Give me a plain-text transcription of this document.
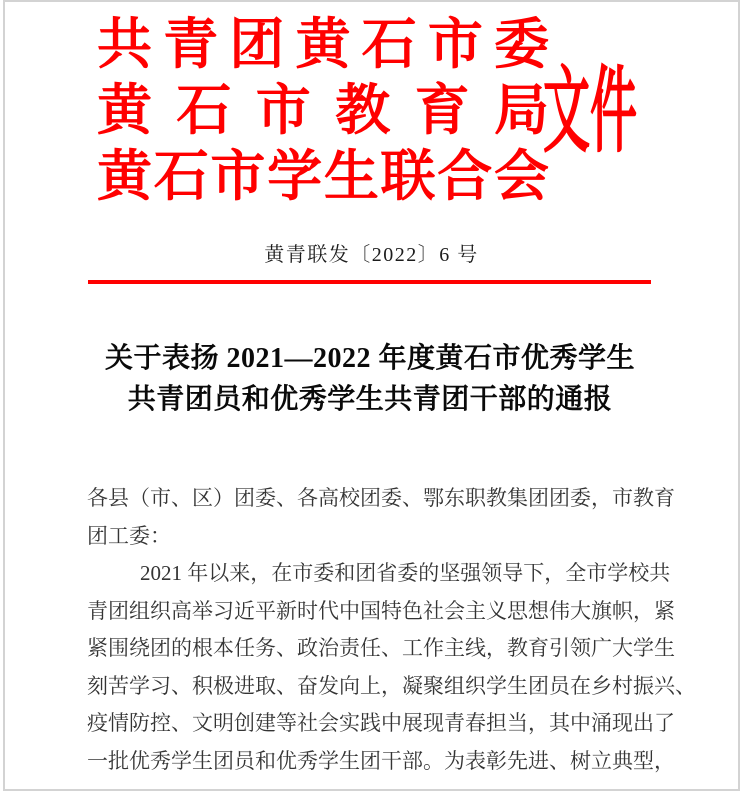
共青团黄石市委
黄石市教育局
黄石市学生联合会
文件
黄青联发〔2022〕6 号
关于表扬 2021—2022 年度黄石市优秀学生
共青团员和优秀学生共青团干部的通报
各县（市、区）团委、各高校团委、鄂东职教集团团委，市教育
团工委：
2021 年以来，在市委和团省委的坚强领导下，全市学校共
青团组织高举习近平新时代中国特色社会主义思想伟大旗帜，紧
紧围绕团的根本任务、政治责任、工作主线，教育引领广大学生
刻苦学习、积极进取、奋发向上，凝聚组织学生团员在乡村振兴、
疫情防控、文明创建等社会实践中展现青春担当，其中涌现出了
一批优秀学生团员和优秀学生团干部。为表彰先进、树立典型，
